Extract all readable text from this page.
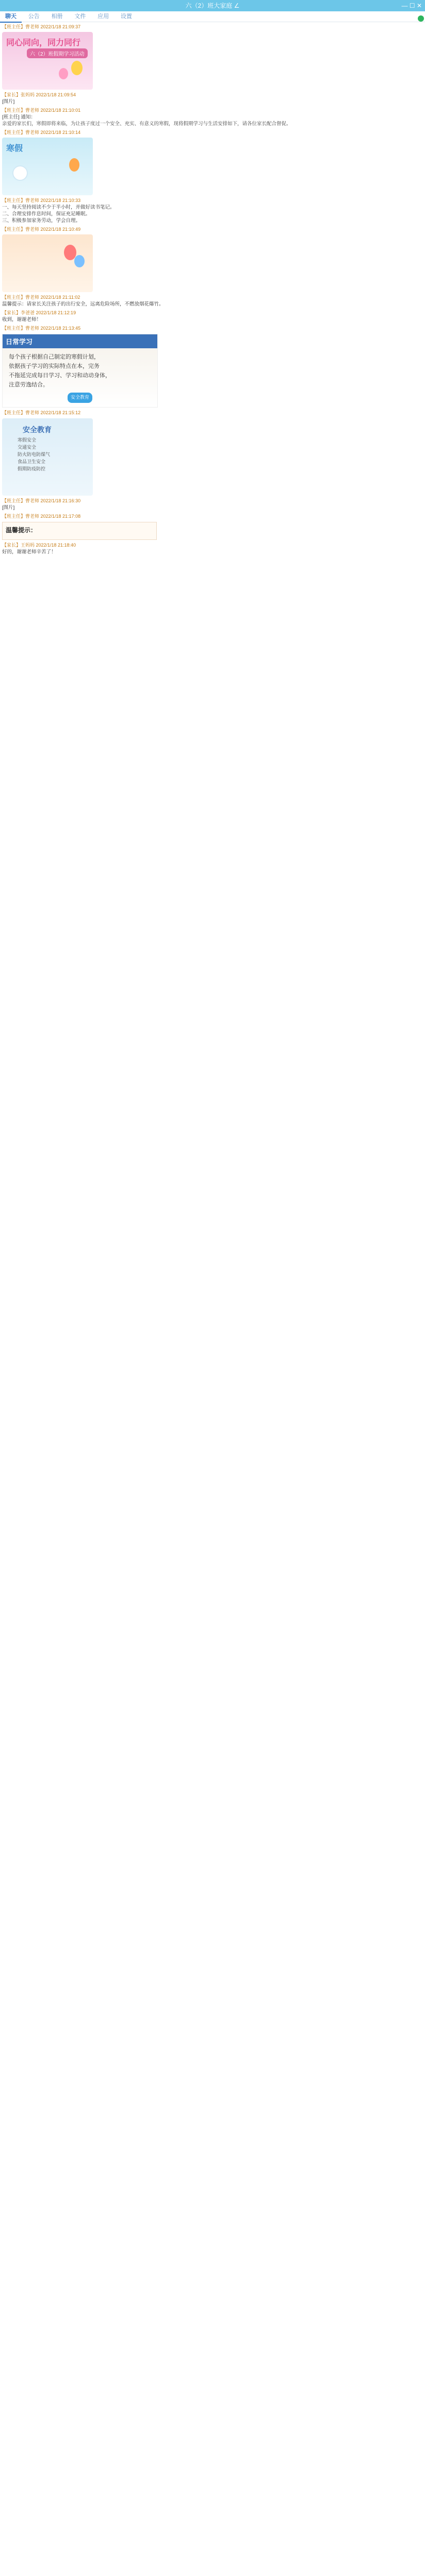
六（2）班大家庭 ∠	— ☐ ✕
聊天 公告 相册 文件 应用 设置
【班主任】曹老师 2022/1/18 21:09:37
同心同向，同力同行
六（2）班假期学习活动
【家长】张妈妈 2022/1/18 21:09:54
[图片]
【班主任】曹老师 2022/1/18 21:10:01
[班主任] 通知：
亲爱的家长们，寒假即将来临，为让孩子度过一个安全、充实、有意义的寒假，现将假期学习与生活安排如下，请各位家长配合督促。
【班主任】曹老师 2022/1/18 21:10:14
寒假
【班主任】曹老师 2022/1/18 21:10:33
一、每天坚持阅读不少于半小时，并做好读书笔记。
二、合理安排作息时间，保证充足睡眠。
三、积极参加家务劳动，学会自理。
【班主任】曹老师 2022/1/18 21:10:49
【班主任】曹老师 2022/1/18 21:11:02
温馨提示：请家长关注孩子的出行安全，远离危险场所，不燃放烟花爆竹。
【家长】李爸爸 2022/1/18 21:12:19
收到，谢谢老师！
【班主任】曹老师 2022/1/18 21:13:45
日常学习
每个孩子根据自己制定的寒假计划，
依据孩子学习的实际特点在本，完务
不拖延完成每日学习、学习和动动身体，
注意劳逸结合。
安全教育
【班主任】曹老师 2022/1/18 21:15:12
安全教育
寒假安全
交通安全
防火防电防煤气
食品卫生安全
假期防疫防控
【班主任】曹老师 2022/1/18 21:16:30
[图片]
【班主任】曹老师 2022/1/18 21:17:08
温馨提示：
【家长】王妈妈 2022/1/18 21:18:40
好的，谢谢老师辛苦了！
